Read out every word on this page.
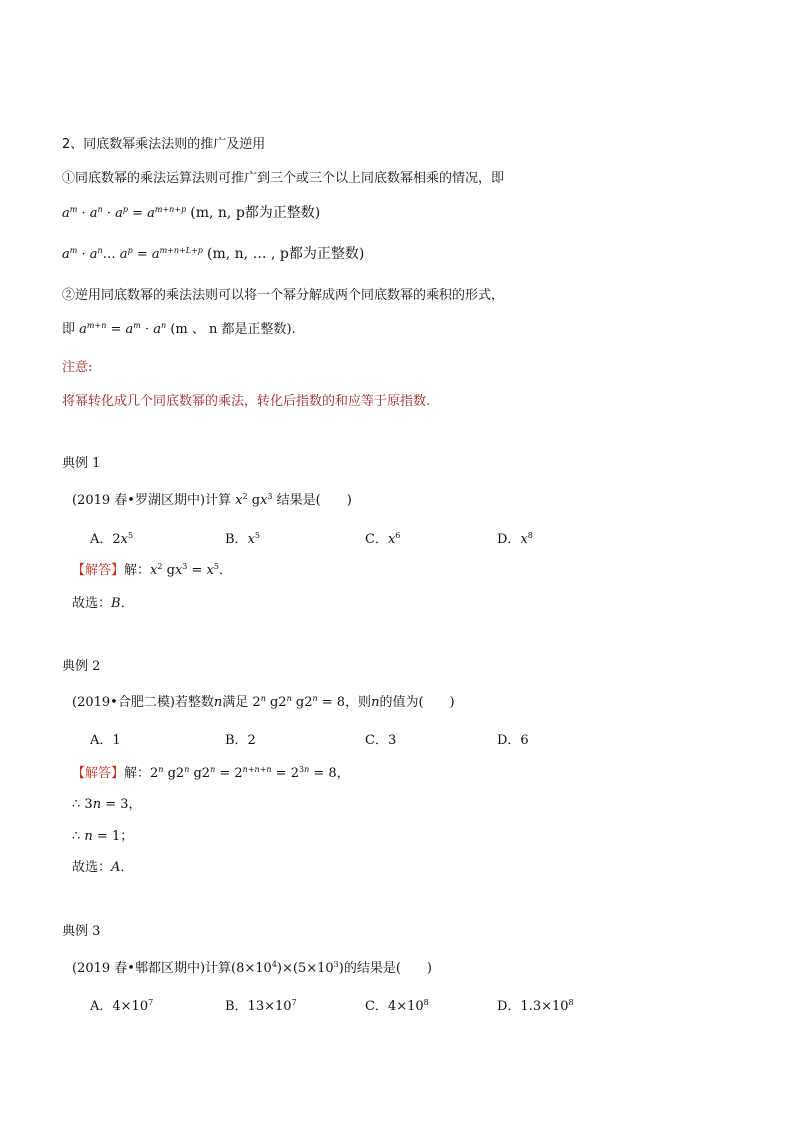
2、同底数幂乘法法则的推广及逆用
①同底数幂的乘法运算法则可推广到三个或三个以上同底数幂相乘的情况，即
$a^m \cdot a^n \cdot a^p = a^{m+n+p}$ (m, n, p都为正整数)
$a^m$ · $a^n\dots$ $a^p = a^{m+n+L+p}$ (m, n, … , p都为正整数)
②逆用同底数幂的乘法法则可以将一个幂分解成两个同底数幂的乘积的形式，
即 $a^{m+n} = a^m \cdot a^n$ (m 、 n 都是正整数).
注意:
将幂转化成几个同底数幂的乘法，转化后指数的和应等于原指数.
典例 1
(2019 春•罗湖区期中)计算 $x^2$ $gx^3$ 结果是(　　)
A．$2x^5$	B．$x^5$	C．$x^6$	D．$x^8$
【解答】解：$x^2$ $gx^3 = x^5$．
故选：B．
典例 2
(2019•合肥二模)若整数n满足 2$^n$ g2$^n$ $g2^n = 8$，则n的值为(　　)
A．1	B．2	C．3	D．6
【解答】解：2$^n$ g2$^n$ $g2^n = 2^{n+n+n} = 2^{3n} = 8$，
∴ 3n = 3，
∴ n = 1；
故选：A．
典例 3
(2019 春•郫都区期中)计算$(8\times 10^4)\times(5\times 10^3)$的结果是(　　)
A．$4\times 10^7$	B．$13\times 10^7$	C．$4\times 10^8$	D．$1.3\times 10^8$
